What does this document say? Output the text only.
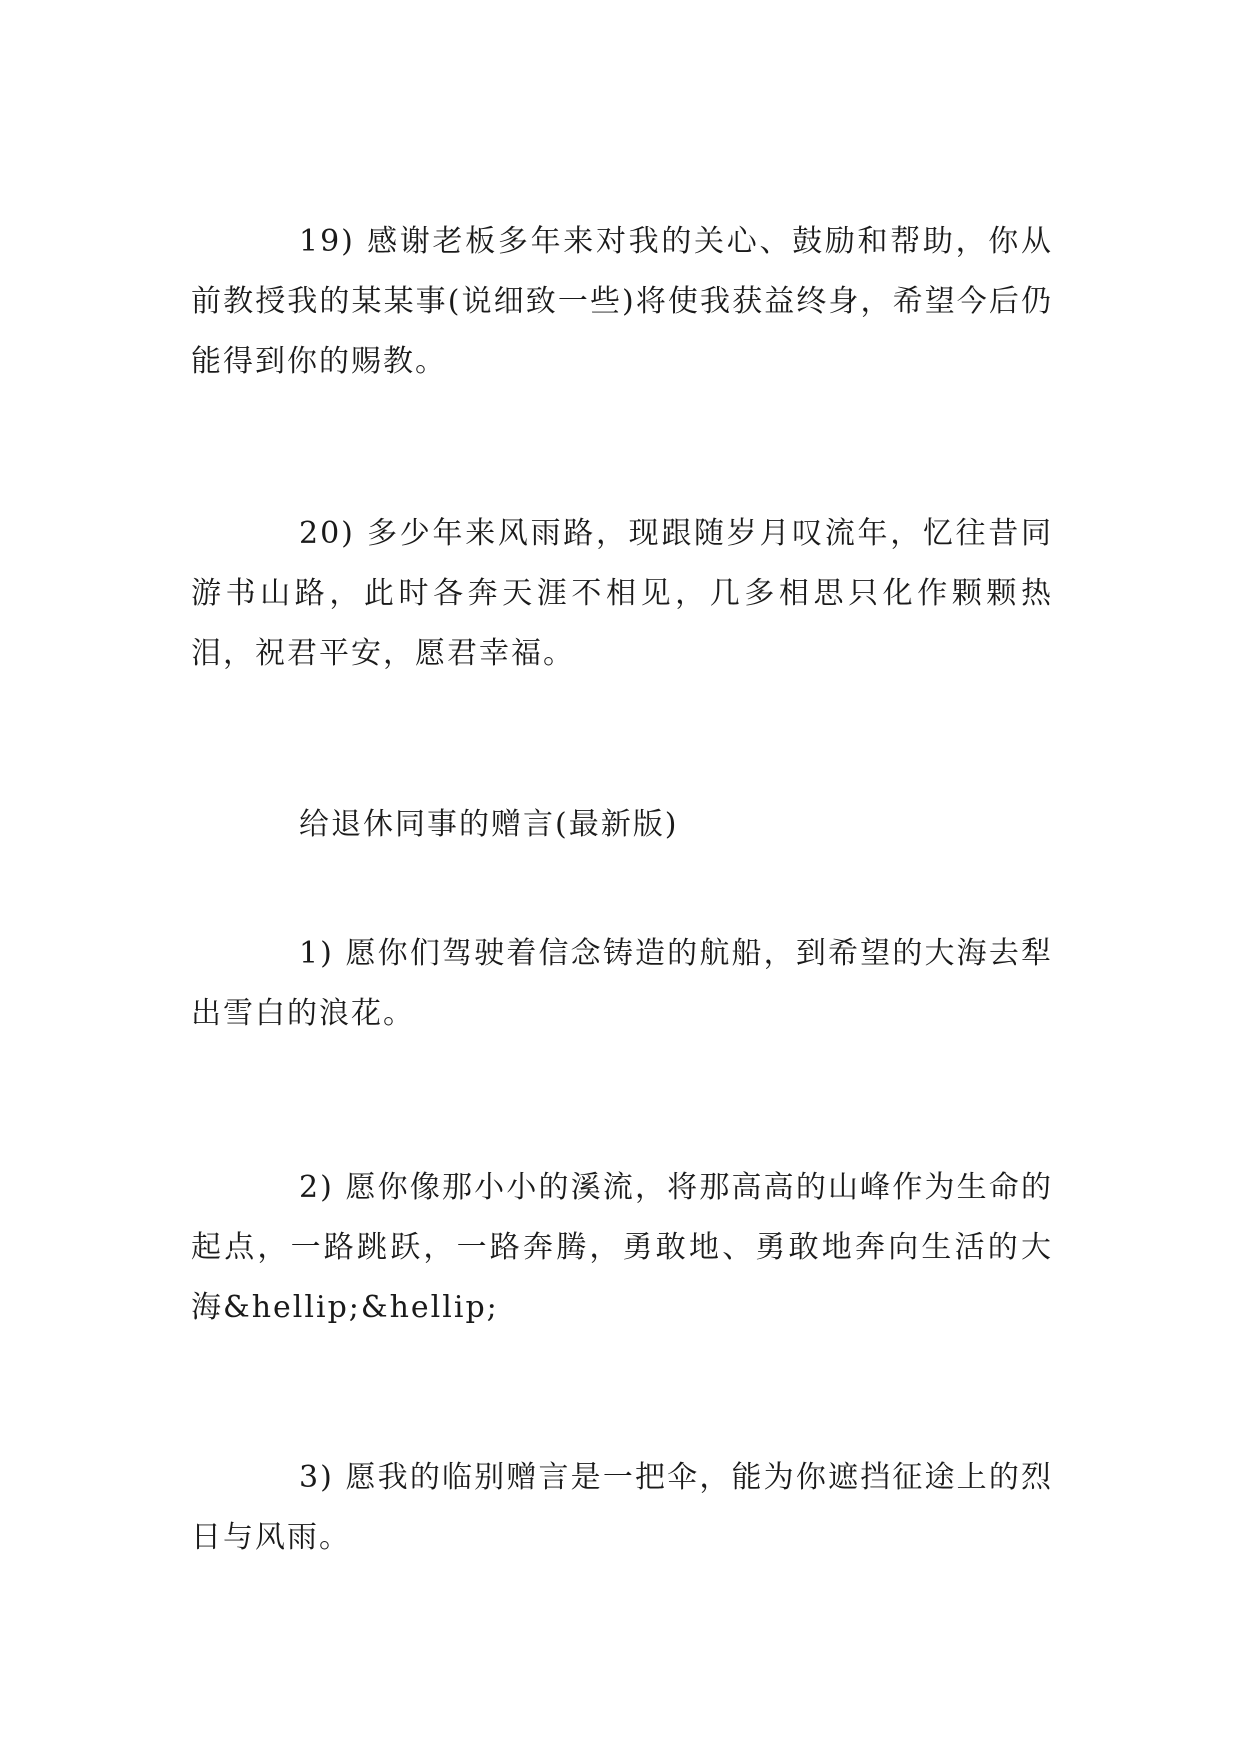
19) 感谢老板多年来对我的关心、鼓励和帮助，你从前教授我的某某事(说细致一些)将使我获益终身，希望今后仍能得到你的赐教。

20) 多少年来风雨路，现跟随岁月叹流年，忆往昔同游书山路，此时各奔天涯不相见，几多相思只化作颗颗热泪，祝君平安，愿君幸福。

给退休同事的赠言(最新版)

1) 愿你们驾驶着信念铸造的航船，到希望的大海去犁出雪白的浪花。

2) 愿你像那小小的溪流，将那高高的山峰作为生命的起点，一路跳跃，一路奔腾，勇敢地、勇敢地奔向生活的大海&hellip;&hellip;

3) 愿我的临别赠言是一把伞，能为你遮挡征途上的烈日与风雨。
